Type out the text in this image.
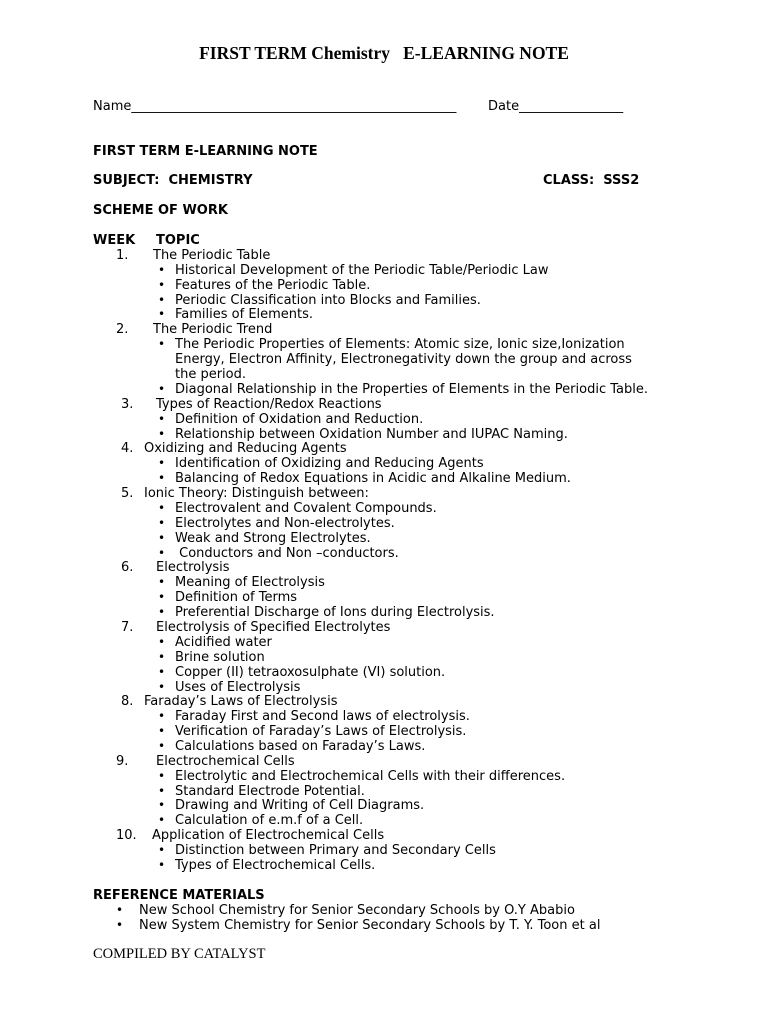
FIRST TERM Chemistry   E-LEARNING NOTE
Name__________________________________________________ Date________________
FIRST TERM E-LEARNING NOTE
SUBJECT:  CHEMISTRY	CLASS:  SSS2
SCHEME OF WORK
WEEK TOPIC
1. The Periodic Table
• Historical Development of the Periodic Table/Periodic Law
• Features of the Periodic Table.
• Periodic Classification into Blocks and Families.
• Families of Elements.
2. The Periodic Trend
• The Periodic Properties of Elements: Atomic size, Ionic size,Ionization
Energy, Electron Affinity, Electronegativity down the group and across
the period.
• Diagonal Relationship in the Properties of Elements in the Periodic Table.
3. Types of Reaction/Redox Reactions
• Definition of Oxidation and Reduction.
• Relationship between Oxidation Number and IUPAC Naming.
4. Oxidizing and Reducing Agents
• Identification of Oxidizing and Reducing Agents
• Balancing of Redox Equations in Acidic and Alkaline Medium.
5. Ionic Theory: Distinguish between:
• Electrovalent and Covalent Compounds.
• Electrolytes and Non-electrolytes.
• Weak and Strong Electrolytes.
• Conductors and Non –conductors.
6. Electrolysis
• Meaning of Electrolysis
• Definition of Terms
• Preferential Discharge of Ions during Electrolysis.
7. Electrolysis of Specified Electrolytes
• Acidified water
• Brine solution
• Copper (II) tetraoxosulphate (VI) solution.
• Uses of Electrolysis
8. Faraday’s Laws of Electrolysis
• Faraday First and Second laws of electrolysis.
• Verification of Faraday’s Laws of Electrolysis.
• Calculations based on Faraday’s Laws.
9. Electrochemical Cells
• Electrolytic and Electrochemical Cells with their differences.
• Standard Electrode Potential.
• Drawing and Writing of Cell Diagrams.
• Calculation of e.m.f of a Cell.
10. Application of Electrochemical Cells
• Distinction between Primary and Secondary Cells
• Types of Electrochemical Cells.
REFERENCE MATERIALS
• New School Chemistry for Senior Secondary Schools by O.Y Ababio
• New System Chemistry for Senior Secondary Schools by T. Y. Toon et al
COMPILED BY CATALYST
